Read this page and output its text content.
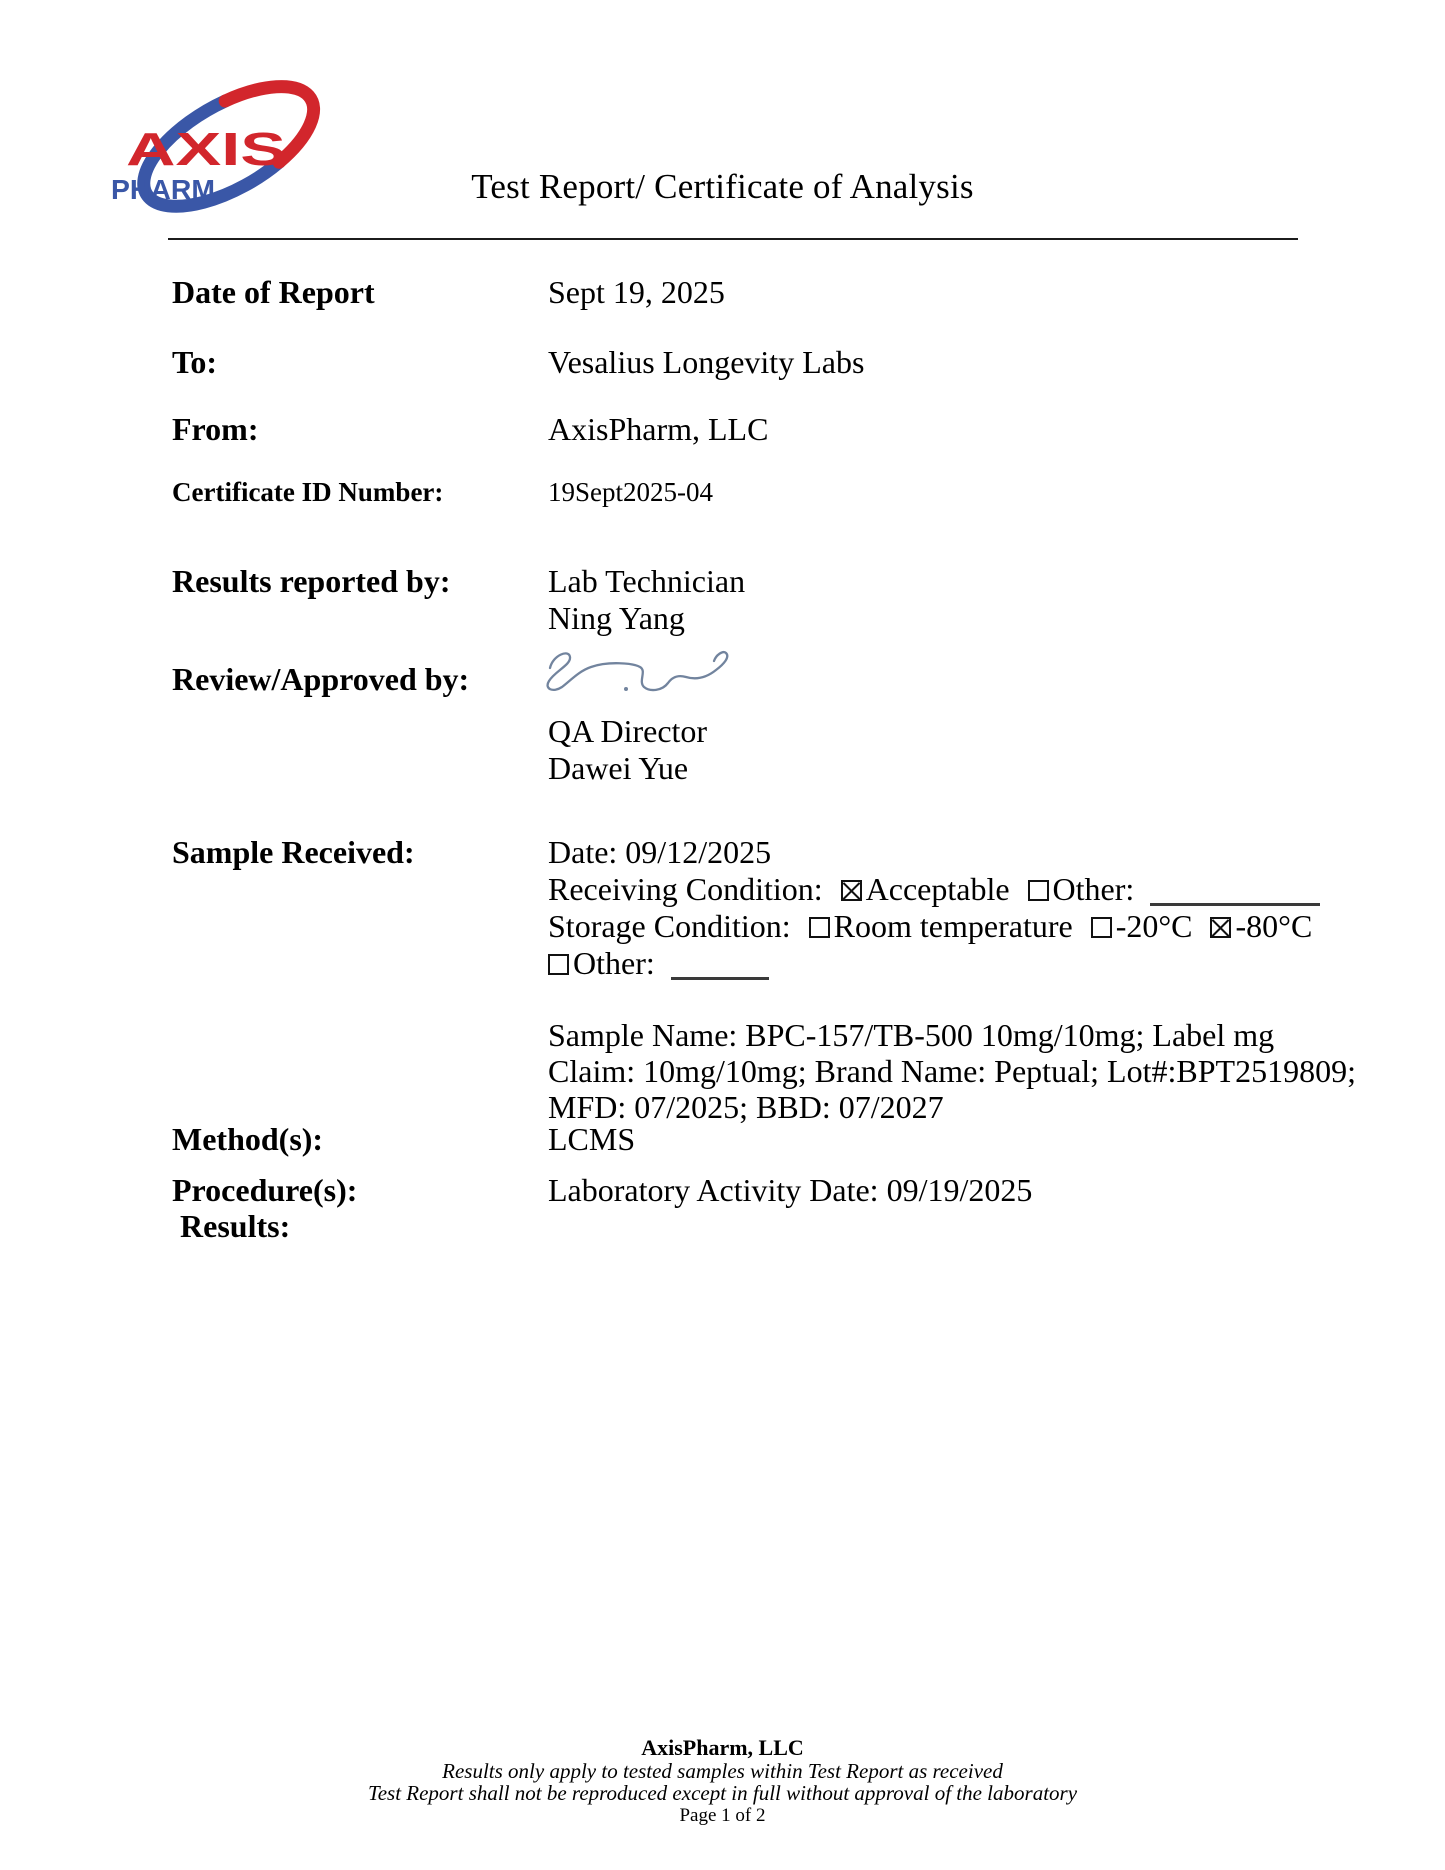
AXIS
PHARM	Test Report/ Certificate of Analysis
Date of Report	Sept 19, 2025
To:	Vesalius Longevity Labs
From:	AxisPharm, LLC
Certificate ID Number:	19Sept2025-04
Results reported by:	Lab Technician
Ning Yang
Review/Approved by:
QA Director
Dawei Yue
Sample Received:	Date: 09/12/2025
Receiving Condition: Acceptable Other:
Storage Condition: Room temperature -20°C -80°C
Other:
Sample Name: BPC-157/TB-500 10mg/10mg; Label mg
Claim: 10mg/10mg; Brand Name: Peptual; Lot#:BPT2519809;
MFD: 07/2025; BBD: 07/2027
Method(s):	LCMS
Procedure(s):	Laboratory Activity Date: 09/19/2025
Results:
AxisPharm, LLC
Results only apply to tested samples within Test Report as received
Test Report shall not be reproduced except in full without approval of the laboratory
Page 1 of 2
